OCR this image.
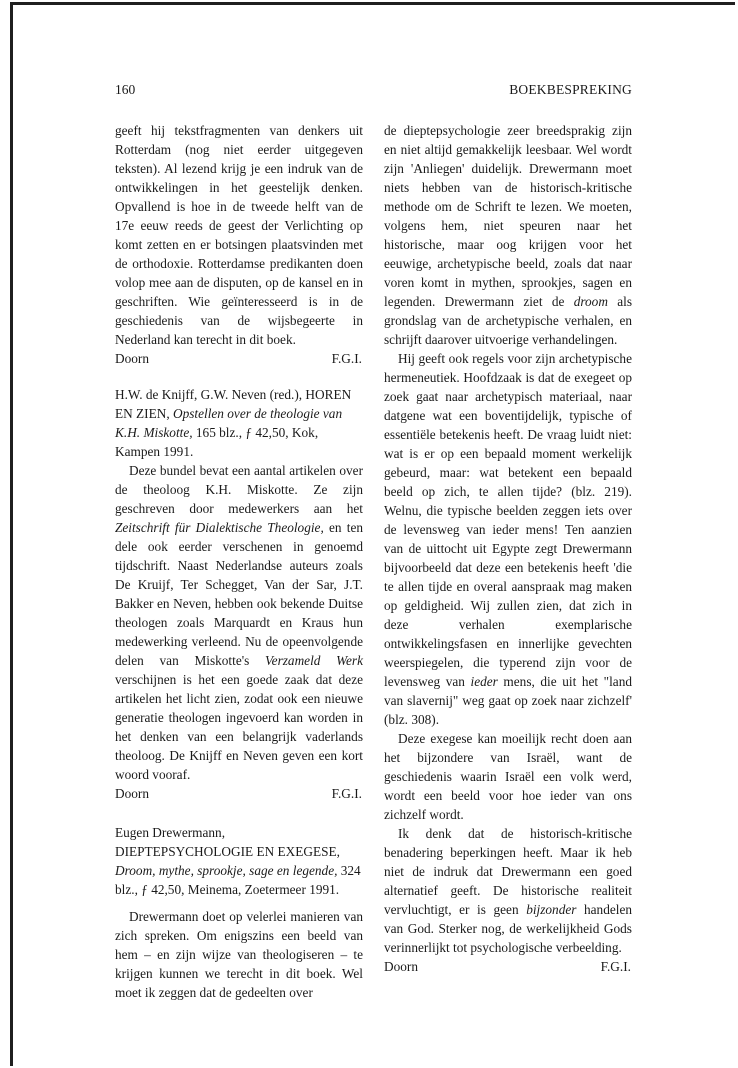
160	BOEKBESPREKING

geeft hij tekstfragmenten van denkers uit Rotterdam (nog niet eerder uitgegeven teksten). Al lezend krijg je een indruk van de ontwikkelingen in het geestelijk denken. Opvallend is hoe in de tweede helft van de 17e eeuw reeds de geest der Verlichting op komt zetten en er botsingen plaatsvinden met de orthodoxie. Rotterdamse predikanten doen volop mee aan de disputen, op de kansel en in geschriften. Wie geïnteresseerd is in de geschiedenis van de wijsbegeerte in Nederland kan terecht in dit boek.

Doorn	F.G.I.

H.W. de Knijff, G.W. Neven (red.), HOREN EN ZIEN, Opstellen over de theologie van K.H. Miskotte, 165 blz., ƒ 42,50, Kok, Kampen 1991.

Deze bundel bevat een aantal artikelen over de theoloog K.H. Miskotte. Ze zijn geschreven door medewerkers aan het Zeitschrift für Dialektische Theologie, en ten dele ook eerder verschenen in genoemd tijdschrift. Naast Nederlandse auteurs zoals De Kruijf, Ter Schegget, Van der Sar, J.T. Bakker en Neven, hebben ook bekende Duitse theologen zoals Marquardt en Kraus hun medewerking verleend. Nu de opeenvolgende delen van Miskotte's Verzameld Werk verschijnen is het een goede zaak dat deze artikelen het licht zien, zodat ook een nieuwe generatie theologen ingevoerd kan worden in het denken van een belangrijk vaderlands theoloog. De Knijff en Neven geven een kort woord vooraf.

Doorn	F.G.I.

Eugen Drewermann, DIEPTEPSYCHOLOGIE EN EXEGESE, Droom, mythe, sprookje, sage en legende, 324 blz., ƒ 42,50, Meinema, Zoetermeer 1991.

Drewermann doet op velerlei manieren van zich spreken. Om enigszins een beeld van hem – en zijn wijze van theologiseren – te krijgen kunnen we terecht in dit boek. Wel moet ik zeggen dat de gedeelten over

de dieptepsychologie zeer breedsprakig zijn en niet altijd gemakkelijk leesbaar. Wel wordt zijn 'Anliegen' duidelijk. Drewermann moet niets hebben van de historisch-kritische methode om de Schrift te lezen. We moeten, volgens hem, niet speuren naar het historische, maar oog krijgen voor het eeuwige, archetypische beeld, zoals dat naar voren komt in mythen, sprookjes, sagen en legenden. Drewermann ziet de droom als grondslag van de archetypische verhalen, en schrijft daarover uitvoerige verhandelingen.

Hij geeft ook regels voor zijn archetypische hermeneutiek. Hoofdzaak is dat de exegeet op zoek gaat naar archetypisch materiaal, naar datgene wat een boventijdelijk, typische of essentiële betekenis heeft. De vraag luidt niet: wat is er op een bepaald moment werkelijk gebeurd, maar: wat betekent een bepaald beeld op zich, te allen tijde? (blz. 219). Welnu, die typische beelden zeggen iets over de levensweg van ieder mens! Ten aanzien van de uittocht uit Egypte zegt Drewermann bijvoorbeeld dat deze een betekenis heeft 'die te allen tijde en overal aanspraak mag maken op geldigheid. Wij zullen zien, dat zich in deze verhalen exemplarische ontwikkelingsfasen en innerlijke gevechten weerspiegelen, die typerend zijn voor de levensweg van ieder mens, die uit het "land van slavernij" weg gaat op zoek naar zichzelf' (blz. 308).

Deze exegese kan moeilijk recht doen aan het bijzondere van Israël, want de geschiedenis waarin Israël een volk werd, wordt een beeld voor hoe ieder van ons zichzelf wordt.

Ik denk dat de historisch-kritische benadering beperkingen heeft. Maar ik heb niet de indruk dat Drewermann een goed alternatief geeft. De historische realiteit vervluchtigt, er is geen bijzonder handelen van God. Sterker nog, de werkelijkheid Gods verinnerlijkt tot psychologische verbeelding.

Doorn	F.G.I.
